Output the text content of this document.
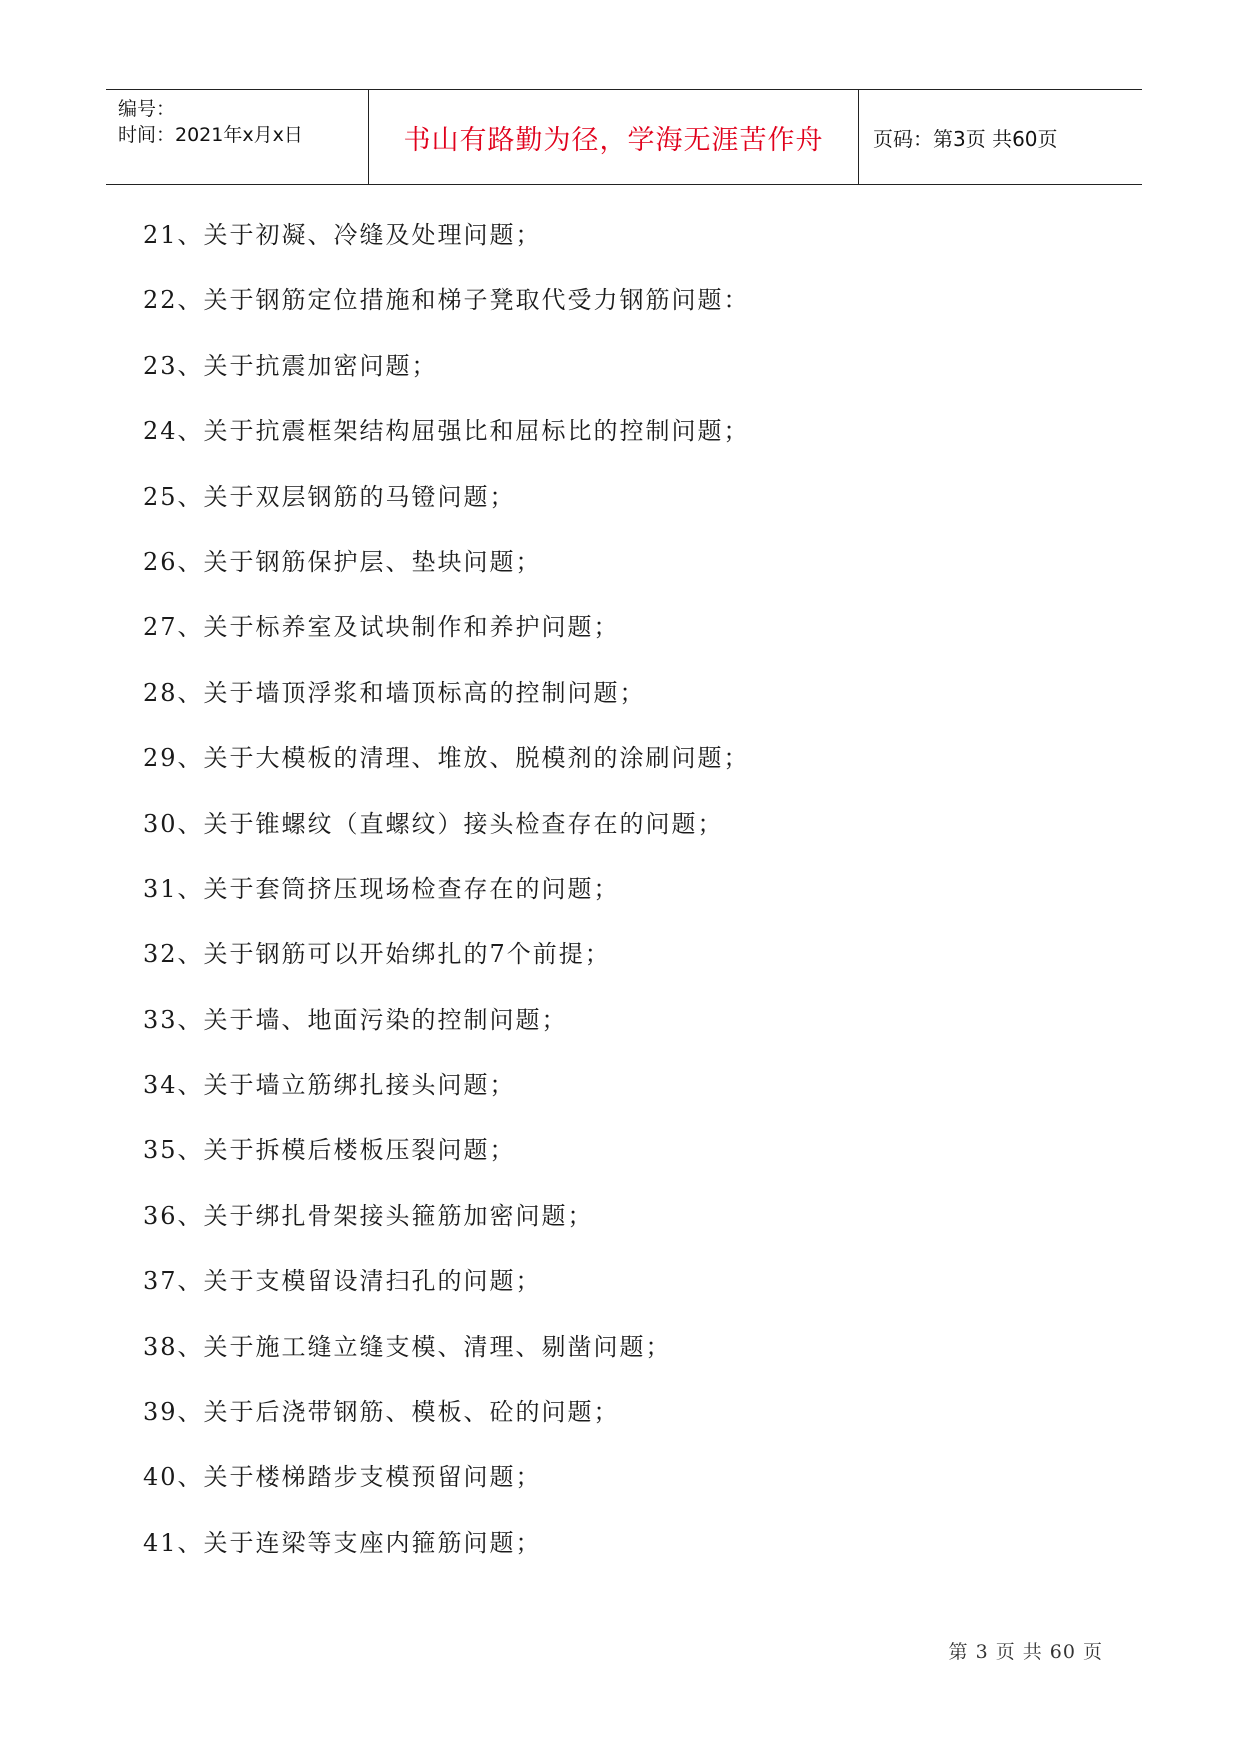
编号：
时间：2021年x月x日	书山有路勤为径，学海无涯苦作舟 页码：第3页 共60页
21、关于初凝、冷缝及处理问题；
22、关于钢筋定位措施和梯子凳取代受力钢筋问题：
23、关于抗震加密问题；
24、关于抗震框架结构屈强比和屈标比的控制问题；
25、关于双层钢筋的马镫问题；
26、关于钢筋保护层、垫块问题；
27、关于标养室及试块制作和养护问题；
28、关于墙顶浮浆和墙顶标高的控制问题；
29、关于大模板的清理、堆放、脱模剂的涂刷问题；
30、关于锥螺纹（直螺纹）接头检查存在的问题；
31、关于套筒挤压现场检查存在的问题；
32、关于钢筋可以开始绑扎的7个前提；
33、关于墙、地面污染的控制问题；
34、关于墙立筋绑扎接头问题；
35、关于拆模后楼板压裂问题；
36、关于绑扎骨架接头箍筋加密问题；
37、关于支模留设清扫孔的问题；
38、关于施工缝立缝支模、清理、剔凿问题；
39、关于后浇带钢筋、模板、砼的问题；
40、关于楼梯踏步支模预留问题；
41、关于连梁等支座内箍筋问题；
第 3 页 共 60 页
